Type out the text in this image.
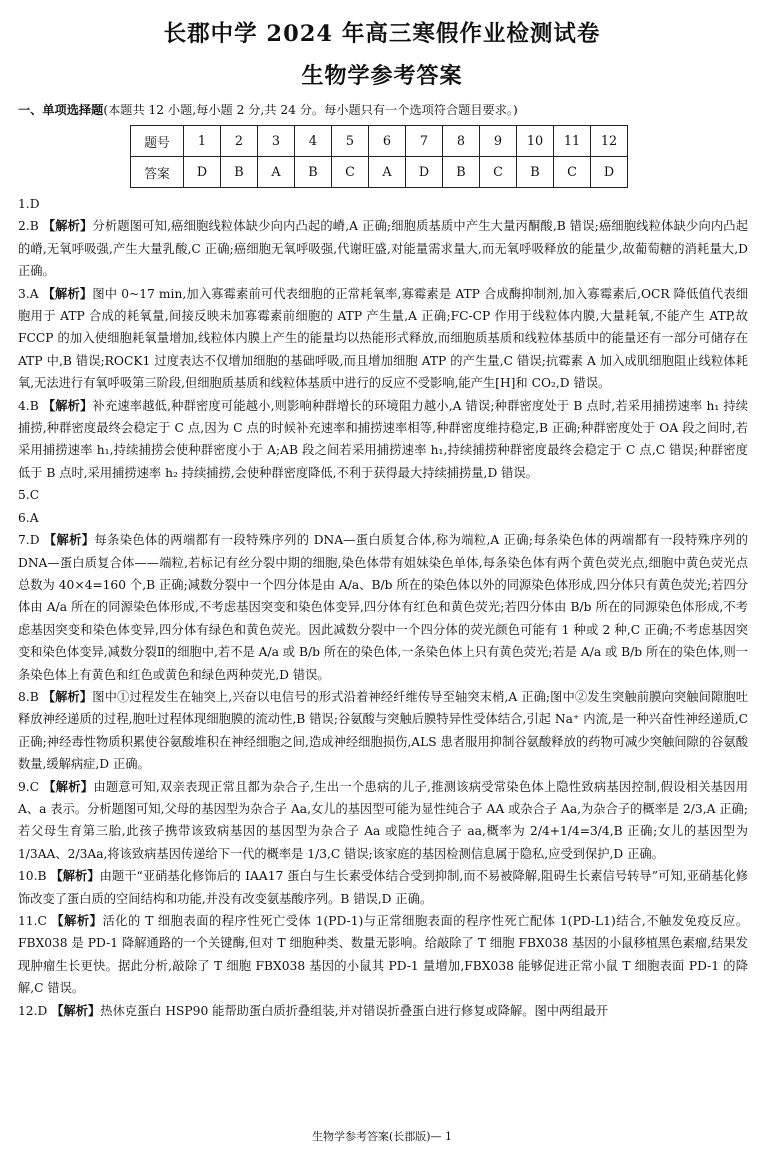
长郡中学 2024 年高三寒假作业检测试卷
生物学参考答案
一、单项选择题(本题共 12 小题,每小题 2 分,共 24 分。每小题只有一个选项符合题目要求。)
题号	1	2	3	4	5	6	7	8	9	10	11	12
答案	D	B	A	B	C	A	D	B	C	B	C	D
1.D
2.B 【解析】分析题图可知,癌细胞线粒体缺少向内凸起的嵴,A 正确;细胞质基质中产生大量丙酮酸,B 错误;癌细胞线粒体缺少向内凸起的嵴,无氧呼吸强,产生大量乳酸,C 正确;癌细胞无氧呼吸强,代谢旺盛,对能量需求量大,而无氧呼吸释放的能量少,故葡萄糖的消耗量大,D 正确。
3.A 【解析】图中 0~17 min,加入寡霉素前可代表细胞的正常耗氧率,寡霉素是 ATP 合成酶抑制剂,加入寡霉素后,OCR 降低值代表细胞用于 ATP 合成的耗氧量,间接反映未加寡霉素前细胞的 ATP 产生量,A 正确;FC-CP 作用于线粒体内膜,大量耗氧,不能产生 ATP,故 FCCP 的加入使细胞耗氧量增加,线粒体内膜上产生的能量均以热能形式释放,而细胞质基质和线粒体基质中的能量还有一部分可储存在 ATP 中,B 错误;ROCK1 过度表达不仅增加细胞的基础呼吸,而且增加细胞 ATP 的产生量,C 错误;抗霉素 A 加入成肌细胞阻止线粒体耗氧,无法进行有氧呼吸第三阶段,但细胞质基质和线粒体基质中进行的反应不受影响,能产生[H]和 CO₂,D 错误。
4.B 【解析】补充速率越低,种群密度可能越小,则影响种群增长的环境阻力越小,A 错误;种群密度处于 B 点时,若采用捕捞速率 h₁ 持续捕捞,种群密度最终会稳定于 C 点,因为 C 点的时候补充速率和捕捞速率相等,种群密度维持稳定,B 正确;种群密度处于 OA 段之间时,若采用捕捞速率 h₁,持续捕捞会使种群密度小于 A;AB 段之间若采用捕捞速率 h₁,持续捕捞种群密度最终会稳定于 C 点,C 错误;种群密度低于 B 点时,采用捕捞速率 h₂ 持续捕捞,会使种群密度降低,不利于获得最大持续捕捞量,D 错误。
5.C
6.A
7.D 【解析】每条染色体的两端都有一段特殊序列的 DNA—蛋白质复合体,称为端粒,A 正确;每条染色体的两端都有一段特殊序列的 DNA—蛋白质复合体——端粒,若标记有丝分裂中期的细胞,染色体带有姐妹染色单体,每条染色体有两个黄色荧光点,细胞中黄色荧光点总数为 40×4=160 个,B 正确;减数分裂中一个四分体是由 A/a、B/b 所在的染色体以外的同源染色体形成,四分体只有黄色荧光;若四分体由 A/a 所在的同源染色体形成,不考虑基因突变和染色体变异,四分体有红色和黄色荧光;若四分体由 B/b 所在的同源染色体形成,不考虑基因突变和染色体变异,四分体有绿色和黄色荧光。因此减数分裂中一个四分体的荧光颜色可能有 1 种或 2 种,C 正确;不考虑基因突变和染色体变异,减数分裂Ⅱ的细胞中,若不是 A/a 或 B/b 所在的染色体,一条染色体上只有黄色荧光;若是 A/a 或 B/b 所在的染色体,则一条染色体上有黄色和红色或黄色和绿色两种荧光,D 错误。
8.B 【解析】图中①过程发生在轴突上,兴奋以电信号的形式沿着神经纤维传导至轴突末梢,A 正确;图中②发生突触前膜向突触间隙胞吐释放神经递质的过程,胞吐过程体现细胞膜的流动性,B 错误;谷氨酸与突触后膜特异性受体结合,引起 Na⁺ 内流,是一种兴奋性神经递质,C 正确;神经毒性物质积累使谷氨酸堆积在神经细胞之间,造成神经细胞损伤,ALS 患者服用抑制谷氨酸释放的药物可减少突触间隙的谷氨酸数量,缓解病症,D 正确。
9.C 【解析】由题意可知,双亲表现正常且都为杂合子,生出一个患病的儿子,推测该病受常染色体上隐性致病基因控制,假设相关基因用 A、a 表示。分析题图可知,父母的基因型为杂合子 Aa,女儿的基因型可能为显性纯合子 AA 或杂合子 Aa,为杂合子的概率是 2/3,A 正确;若父母生育第三胎,此孩子携带该致病基因的基因型为杂合子 Aa 或隐性纯合子 aa,概率为 2/4+1/4=3/4,B 正确;女儿的基因型为 1/3AA、2/3Aa,将该致病基因传递给下一代的概率是 1/3,C 错误;该家庭的基因检测信息属于隐私,应受到保护,D 正确。
10.B 【解析】由题干“亚硝基化修饰后的 IAA17 蛋白与生长素受体结合受到抑制,而不易被降解,阻碍生长素信号转导”可知,亚硝基化修饰改变了蛋白质的空间结构和功能,并没有改变氨基酸序列。B 错误,D 正确。
11.C 【解析】活化的 T 细胞表面的程序性死亡受体 1(PD-1)与正常细胞表面的程序性死亡配体 1(PD-L1)结合,不触发免疫反应。FBX038 是 PD-1 降解通路的一个关键酶,但对 T 细胞种类、数量无影响。给敲除了 T 细胞 FBX038 基因的小鼠移植黑色素瘤,结果发现肿瘤生长更快。据此分析,敲除了 T 细胞 FBX038 基因的小鼠其 PD-1 量增加,FBX038 能够促进正常小鼠 T 细胞表面 PD-1 的降解,C 错误。
12.D 【解析】热休克蛋白 HSP90 能帮助蛋白质折叠组装,并对错误折叠蛋白进行修复或降解。图中两组最开
生物学参考答案(长郡版)— 1
